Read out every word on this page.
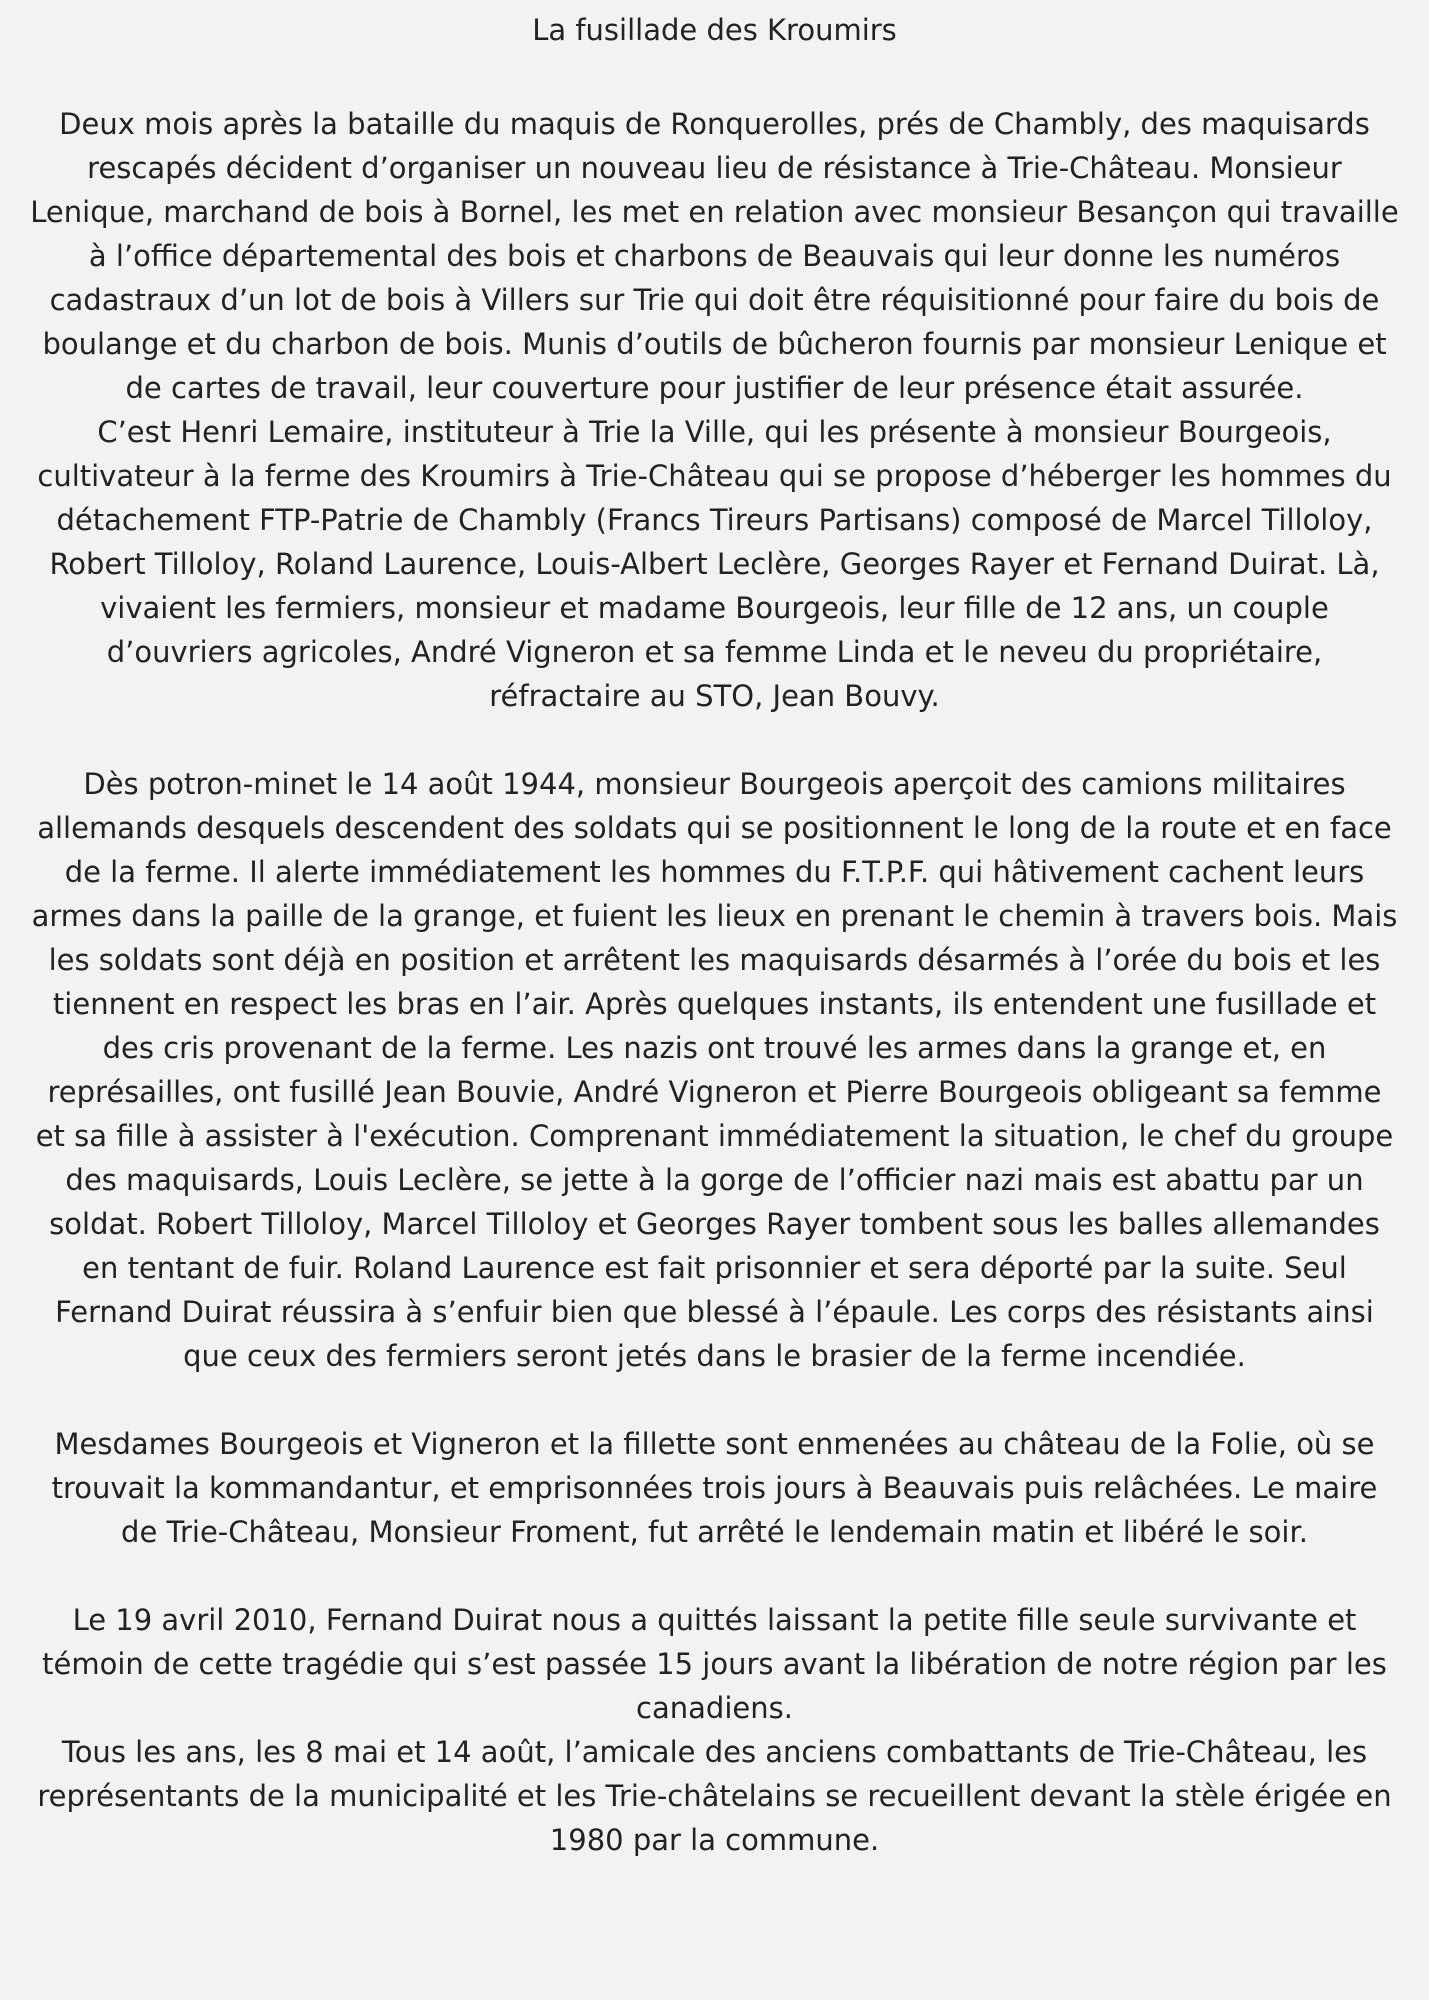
La fusillade des Kroumirs

Deux mois après la bataille du maquis de Ronquerolles, prés de Chambly, des maquisards rescapés décident d’organiser un nouveau lieu de résistance à Trie-Château. Monsieur Lenique, marchand de bois à Bornel, les met en relation avec monsieur Besançon qui travaille à l’office départemental des bois et charbons de Beauvais qui leur donne les numéros cadastraux d’un lot de bois à Villers sur Trie qui doit être réquisitionné pour faire du bois de boulange et du charbon de bois. Munis d’outils de bûcheron fournis par monsieur Lenique et de cartes de travail, leur couverture pour justifier de leur présence était assurée.

C’est Henri Lemaire, instituteur à Trie la Ville, qui les présente à monsieur Bourgeois, cultivateur à la ferme des Kroumirs à Trie-Château qui se propose d’héberger les hommes du détachement FTP-Patrie de Chambly (Francs Tireurs Partisans) composé de Marcel Tilloloy, Robert Tilloloy, Roland Laurence, Louis-Albert Leclère, Georges Rayer et Fernand Duirat. Là, vivaient les fermiers, monsieur et madame Bourgeois, leur fille de 12 ans, un couple d’ouvriers agricoles, André Vigneron et sa femme Linda et le neveu du propriétaire, réfractaire au STO, Jean Bouvy.

Dès potron-minet le 14 août 1944, monsieur Bourgeois aperçoit des camions militaires allemands desquels descendent des soldats qui se positionnent le long de la route et en face de la ferme. Il alerte immédiatement les hommes du F.T.P.F. qui hâtivement cachent leurs armes dans la paille de la grange, et fuient les lieux en prenant le chemin à travers bois. Mais les soldats sont déjà en position et arrêtent les maquisards désarmés à l’orée du bois et les tiennent en respect les bras en l’air. Après quelques instants, ils entendent une fusillade et des cris provenant de la ferme. Les nazis ont trouvé les armes dans la grange et, en représailles, ont fusillé Jean Bouvie, André Vigneron et Pierre Bourgeois obligeant sa femme et sa fille à assister à l'exécution. Comprenant immédiatement la situation, le chef du groupe des maquisards, Louis Leclère, se jette à la gorge de l’officier nazi mais est abattu par un soldat. Robert Tilloloy, Marcel Tilloloy et Georges Rayer tombent sous les balles allemandes en tentant de fuir. Roland Laurence est fait prisonnier et sera déporté par la suite. Seul Fernand Duirat réussira à s’enfuir bien que blessé à l’épaule. Les corps des résistants ainsi que ceux des fermiers seront jetés dans le brasier de la ferme incendiée.

Mesdames Bourgeois et Vigneron et la fillette sont enmenées au château de la Folie, où se trouvait la kommandantur, et emprisonnées trois jours à Beauvais puis relâchées. Le maire de Trie-Château, Monsieur Froment, fut arrêté le lendemain matin et libéré le soir.

Le 19 avril 2010, Fernand Duirat nous a quittés laissant la petite fille seule survivante et témoin de cette tragédie qui s’est passée 15 jours avant la libération de notre région par les canadiens.

Tous les ans, les 8 mai et 14 août, l’amicale des anciens combattants de Trie-Château, les représentants de la municipalité et les Trie-châtelains se recueillent devant la stèle érigée en 1980 par la commune.
